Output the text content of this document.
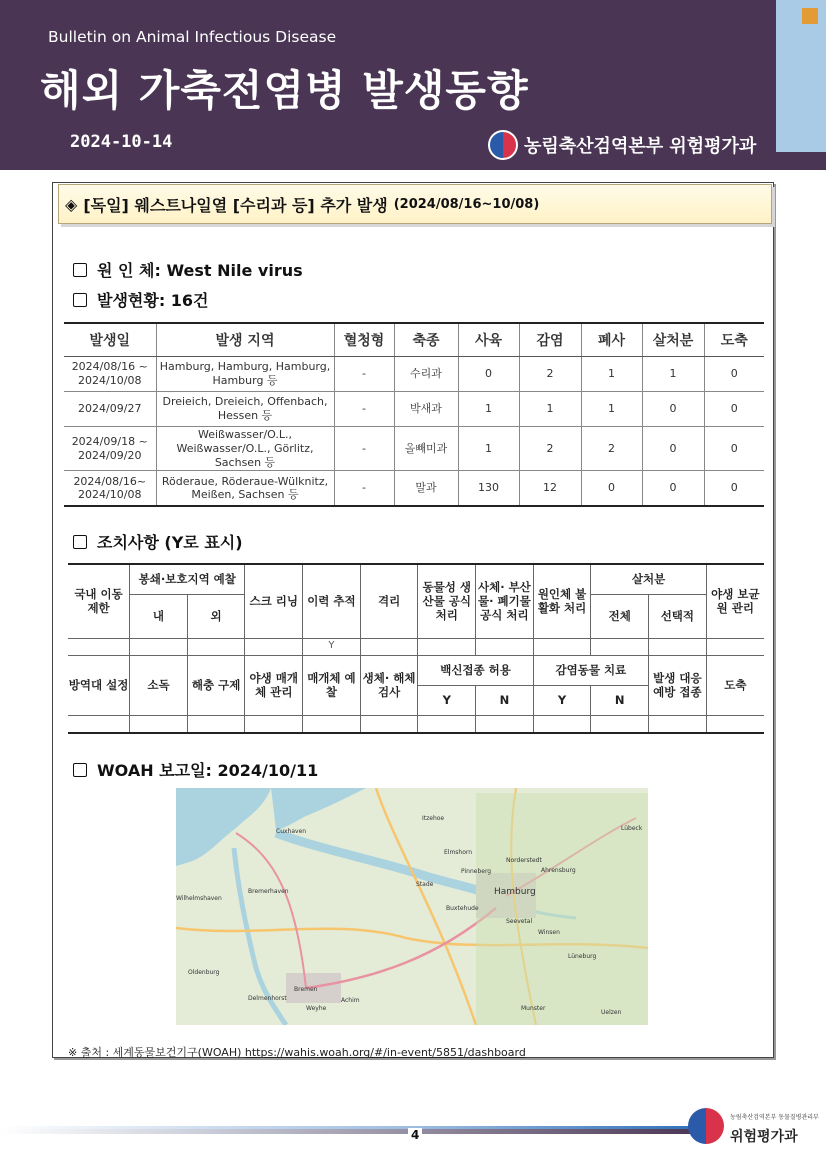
Bulletin on Animal Infectious Disease
해외 가축전염병 발생동향
2024-10-14	농림축산검역본부 위험평가과
◈ [독일] 웨스트나일열 [수리과 등] 추가 발생 (2024/08/16~10/08)
원 인 체: West Nile virus
발생현황: 16건
발생일	발생 지역	혈청형	축종	사육	감염	폐사	살처분	도축
2024/08/16 ~ 2024/10/08	Hamburg, Hamburg, Hamburg, Hamburg 등	-	수리과	0	2	1	1	0
2024/09/27	Dreieich, Dreieich, Offenbach, Hessen 등	-	박새과	1	1	1	0	0
2024/09/18 ~ 2024/09/20	Weißwasser/O.L., Weißwasser/O.L., Görlitz, Sachsen 등	-	올빼미과	1	2	2	0	0
2024/08/16~ 2024/10/08	Röderaue, Röderaue-Wülknitz, Meißen, Sachsen 등	-	말과	130	12	0	0	0
조치사항 (Y로 표시)
국내 이동 제한	봉쇄·보호지역 예찰		스크 리닝	이력 추적	격리	동물성 생산물 공식 처리	사체· 부산물· 폐기물 공식 처리	원인체 불활화 처리	살처분		야생 보균원 관리
	내	외							전체	선택적	
				Y							
방역대 설정	소독	해충 구제	야생 매개체 관리	매개체 예찰	생체· 해체 검사	백신접종 허용		감염동물 치료		발생 대응 예방 접종	도축
						Y	N	Y	N		

WOAH 보고일: 2024/10/11
Cuxhaven
Bremerhaven
Wilhelmshaven
Stade
Hamburg
Buxtehude
Pinneberg
Elmshorn
Norderstedt
Ahrensburg
Seevetal
Winsen
Lüneburg
Lübeck
Bremen
Oldenburg
Delmenhorst
Weyhe
Achim
Munster
Uelzen
Itzehoe
※ 출처 : 세계동물보건기구(WOAH) https://wahis.woah.org/#/in-event/5851/dashboard
4
농림축산검역본부 동물질병관리부
위험평가과
